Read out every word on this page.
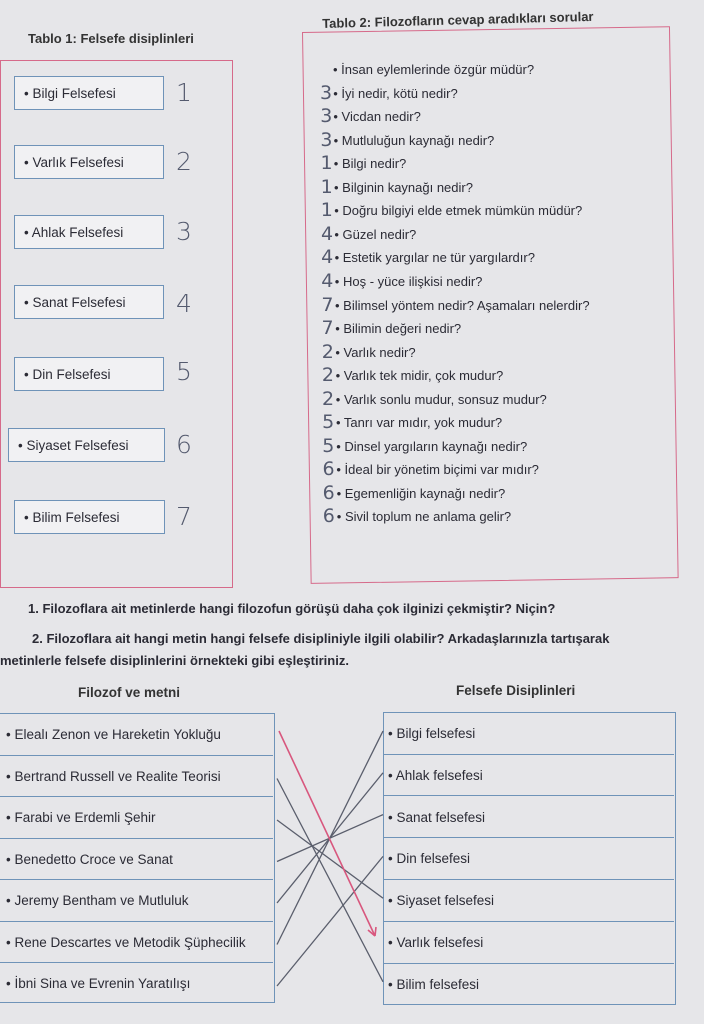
Tablo 1: Felsefe disiplinleri
• Bilgi Felsefesi	1
• Varlık Felsefesi	2
• Ahlak Felsefesi	3
• Sanat Felsefesi	4
• Din Felsefesi	5
• Siyaset Felsefesi	6
• Bilim Felsefesi	7
Tablo 2: Filozofların cevap aradıkları sorular
• İnsan eylemlerinde özgür müdür?
3 • İyi nedir, kötü nedir?
3 • Vicdan nedir?
3 • Mutluluğun kaynağı nedir?
1 • Bilgi nedir?
1 • Bilginin kaynağı nedir?
1 • Doğru bilgiyi elde etmek mümkün müdür?
4 • Güzel nedir?
4 • Estetik yargılar ne tür yargılardır?
4 • Hoş - yüce ilişkisi nedir?
7 • Bilimsel yöntem nedir? Aşamaları nelerdir?
7 • Bilimin değeri nedir?
2 • Varlık nedir?
2 • Varlık tek midir, çok mudur?
2 • Varlık sonlu mudur, sonsuz mudur?
5 • Tanrı var mıdır, yok mudur?
5 • Dinsel yargıların kaynağı nedir?
6 • İdeal bir yönetim biçimi var mıdır?
6 • Egemenliğin kaynağı nedir?
6 • Sivil toplum ne anlama gelir?
1. Filozoflara ait metinlerde hangi filozofun görüşü daha çok ilginizi çekmiştir? Niçin?
2. Filozoflara ait hangi metin hangi felsefe disipliniyle ilgili olabilir? Arkadaşlarınızla tartışarak
metinlerle felsefe disiplinlerini örnekteki gibi eşleştiriniz.
Filozof ve metni	Felsefe Disiplinleri
• Elealı Zenon ve Hareketin Yokluğu
• Bertrand Russell ve Realite Teorisi
• Farabi ve Erdemli Şehir
• Benedetto Croce ve Sanat
• Jeremy Bentham ve Mutluluk
• Rene Descartes ve Metodik Şüphecilik
• İbni Sina ve Evrenin Yaratılışı
• Bilgi felsefesi
• Ahlak felsefesi
• Sanat felsefesi
• Din felsefesi
• Siyaset felsefesi
• Varlık felsefesi
• Bilim felsefesi
